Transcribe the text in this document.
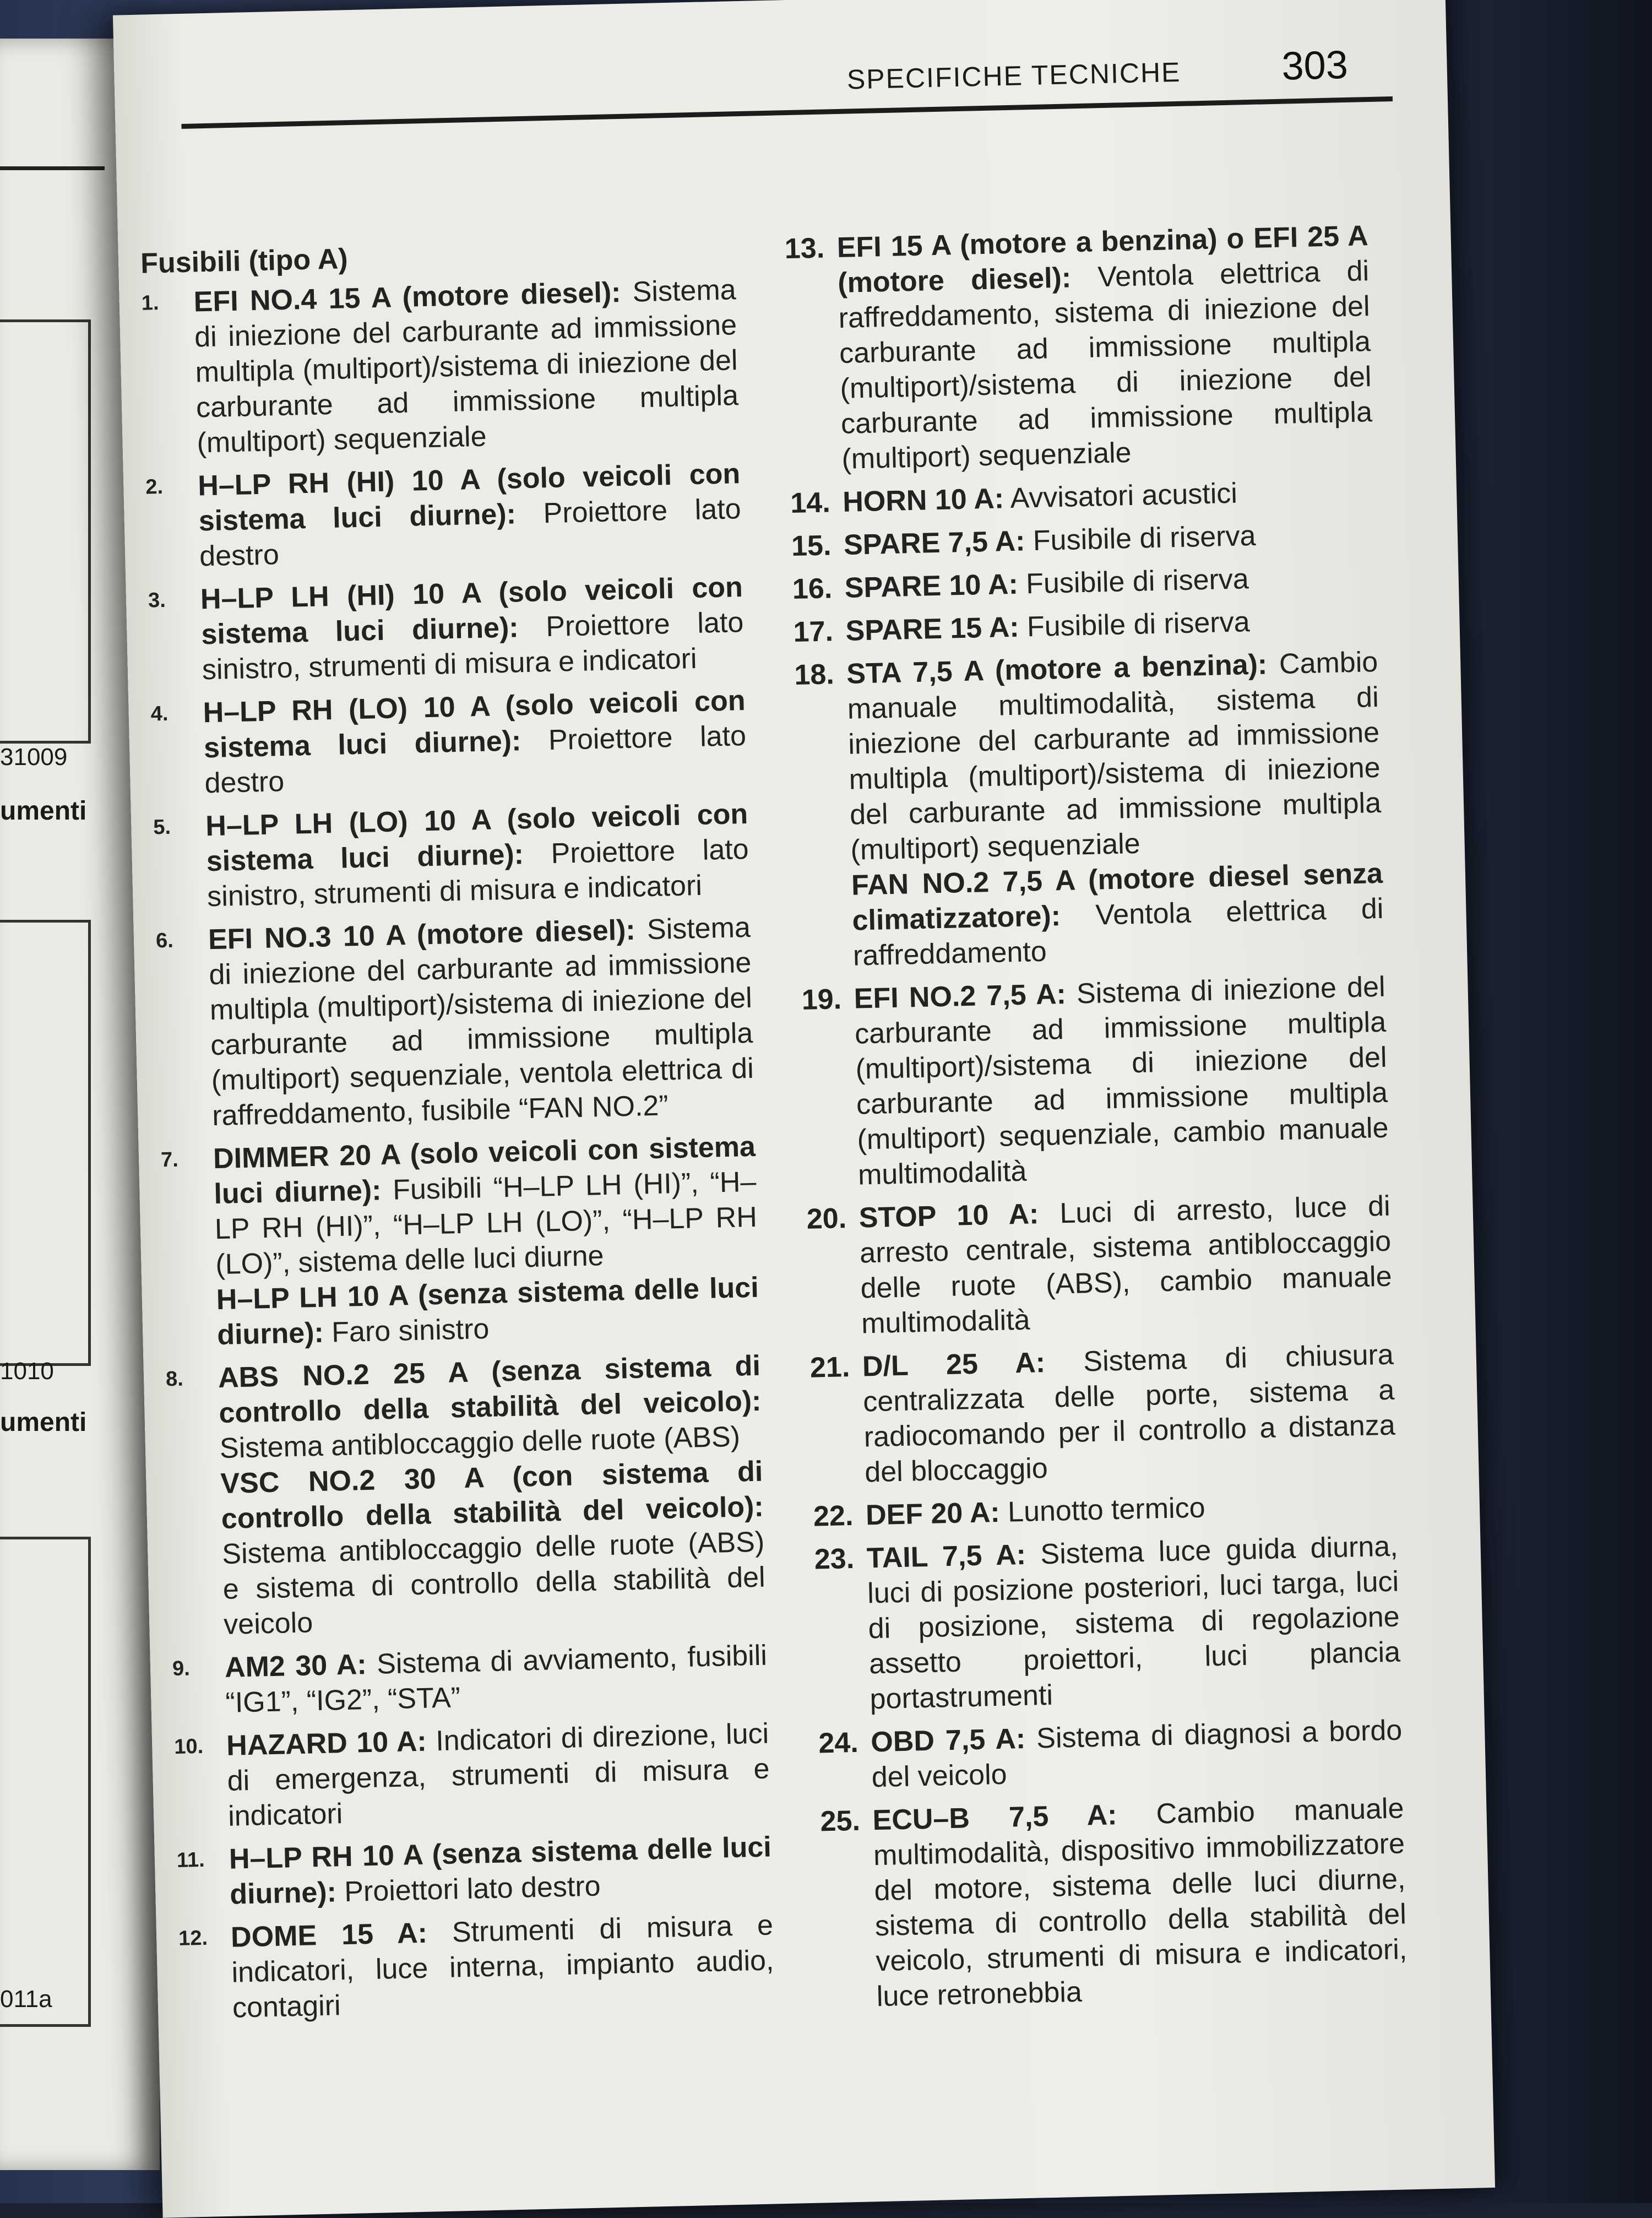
31009
umenti
1010
umenti
011a
SPECIFICHE TECNICHE	303
Fusibili (tipo A)
1. EFI NO.4 15 A (motore diesel): Sistema di iniezione del carburante ad immissione multipla (multiport)/sistema di iniezione del carburante ad immissione multipla (multiport) sequenziale
2. H–LP RH (HI) 10 A (solo veicoli con sistema luci diurne): Proiettore lato destro
3. H–LP LH (HI) 10 A (solo veicoli con sistema luci diurne): Proiettore lato sinistro, strumenti di misura e indicatori
4. H–LP RH (LO) 10 A (solo veicoli con sistema luci diurne): Proiettore lato destro
5. H–LP LH (LO) 10 A (solo veicoli con sistema luci diurne): Proiettore lato sinistro, strumenti di misura e indicatori
6. EFI NO.3 10 A (motore diesel): Sistema di iniezione del carburante ad immissione multipla (multiport)/sistema di iniezione del carburante ad immissione multipla (multiport) sequenziale, ventola elettrica di raffreddamento, fusibile “FAN NO.2”
7. DIMMER 20 A (solo veicoli con sistema luci diurne): Fusibili “H–LP LH (HI)”, “H–LP RH (HI)”, “H–LP LH (LO)”, “H–LP RH (LO)”, sistema delle luci diurne
H–LP LH 10 A (senza sistema delle luci diurne): Faro sinistro
8. ABS NO.2 25 A (senza sistema di controllo della stabilità del veicolo): Sistema antibloccaggio delle ruote (ABS)
VSC NO.2 30 A (con sistema di controllo della stabilità del veicolo): Sistema antibloccaggio delle ruote (ABS) e sistema di controllo della stabilità del veicolo
9. AM2 30 A: Sistema di avviamento, fusibili “IG1”, “IG2”, “STA”
10. HAZARD 10 A: Indicatori di direzione, luci di emergenza, strumenti di misura e indicatori
11. H–LP RH 10 A (senza sistema delle luci diurne): Proiettori lato destro
12. DOME 15 A: Strumenti di misura e indicatori, luce interna, impianto audio, contagiri
13. EFI 15 A (motore a benzina) o EFI 25 A (motore diesel): Ventola elettrica di raffreddamento, sistema di iniezione del carburante ad immissione multipla (multiport)/sistema di iniezione del carburante ad immissione multipla (multiport) sequenziale
14. HORN 10 A: Avvisatori acustici
15. SPARE 7,5 A: Fusibile di riserva
16. SPARE 10 A: Fusibile di riserva
17. SPARE 15 A: Fusibile di riserva
18. STA 7,5 A (motore a benzina): Cambio manuale multimodalità, sistema di iniezione del carburante ad immissione multipla (multiport)/sistema di iniezione del carburante ad immissione multipla (multiport) sequenziale
FAN NO.2 7,5 A (motore diesel senza climatizzatore): Ventola elettrica di raffreddamento
19. EFI NO.2 7,5 A: Sistema di iniezione del carburante ad immissione multipla (multiport)/sistema di iniezione del carburante ad immissione multipla (multiport) sequenziale, cambio manuale multimodalità
20. STOP 10 A: Luci di arresto, luce di arresto centrale, sistema antibloccaggio delle ruote (ABS), cambio manuale multimodalità
21. D/L 25 A: Sistema di chiusura centralizzata delle porte, sistema a radiocomando per il controllo a distanza del bloccaggio
22. DEF 20 A: Lunotto termico
23. TAIL 7,5 A: Sistema luce guida diurna, luci di posizione posteriori, luci targa, luci di posizione, sistema di regolazione assetto proiettori, luci plancia portastrumenti
24. OBD 7,5 A: Sistema di diagnosi a bordo del veicolo
25. ECU–B 7,5 A: Cambio manuale multimodalità, dispositivo immobilizzatore del motore, sistema delle luci diurne, sistema di controllo della stabilità del veicolo, strumenti di misura e indicatori, luce retronebbia
